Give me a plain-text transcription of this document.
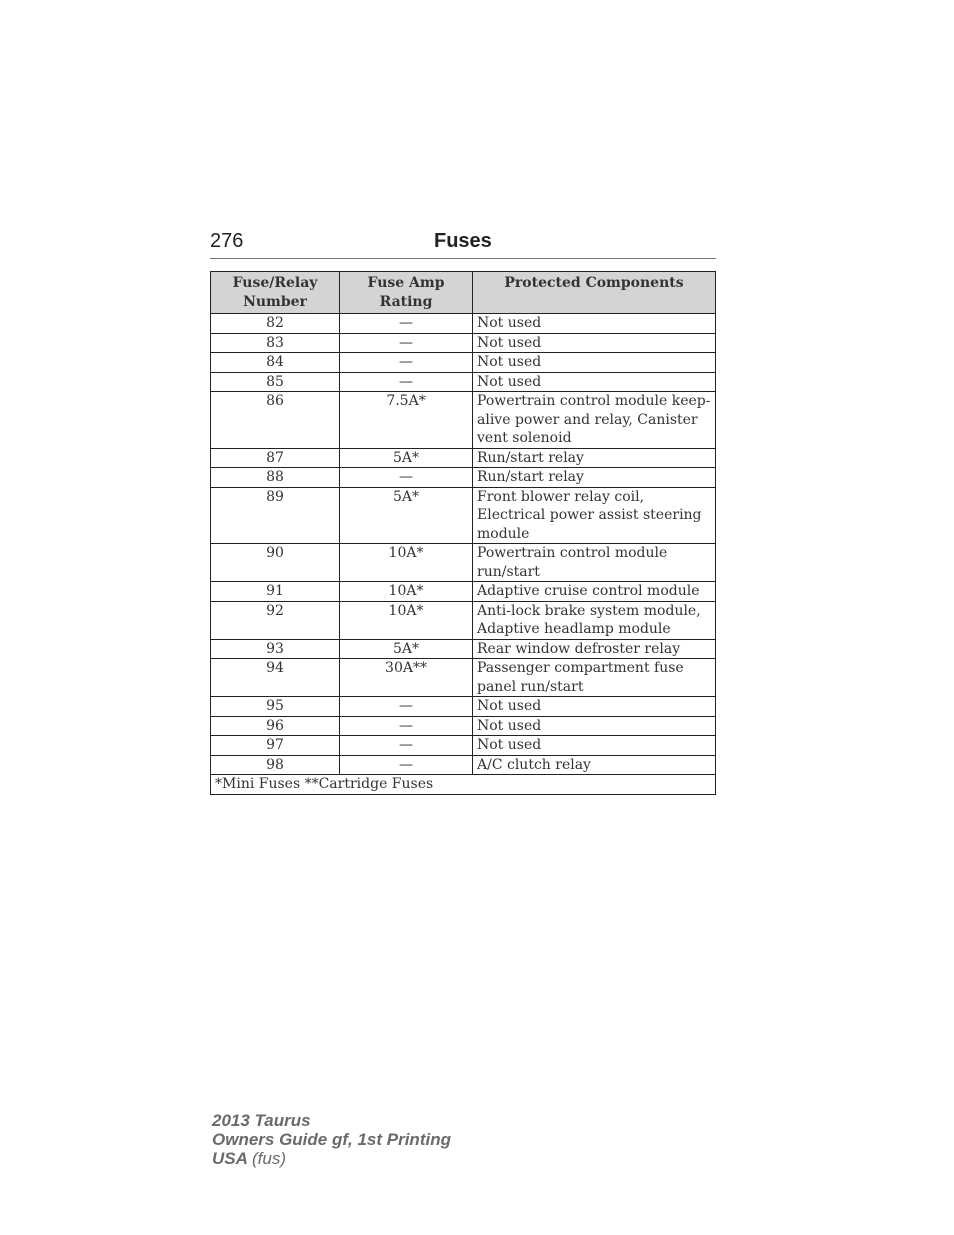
276	Fuses
Fuse/Relay Number	Fuse Amp Rating	Protected Components
82	—	Not used
83	—	Not used
84	—	Not used
85	—	Not used
86	7.5A*	Powertrain control module keep-alive power and relay, Canister vent solenoid
87	5A*	Run/start relay
88	—	Run/start relay
89	5A*	Front blower relay coil, Electrical power assist steering module
90	10A*	Powertrain control module run/start
91	10A*	Adaptive cruise control module
92	10A*	Anti-lock brake system module, Adaptive headlamp module
93	5A*	Rear window defroster relay
94	30A**	Passenger compartment fuse panel run/start
95	—	Not used
96	—	Not used
97	—	Not used
98	—	A/C clutch relay
*Mini Fuses **Cartridge Fuses		
2013 Taurus
Owners Guide gf, 1st Printing
USA (fus)
